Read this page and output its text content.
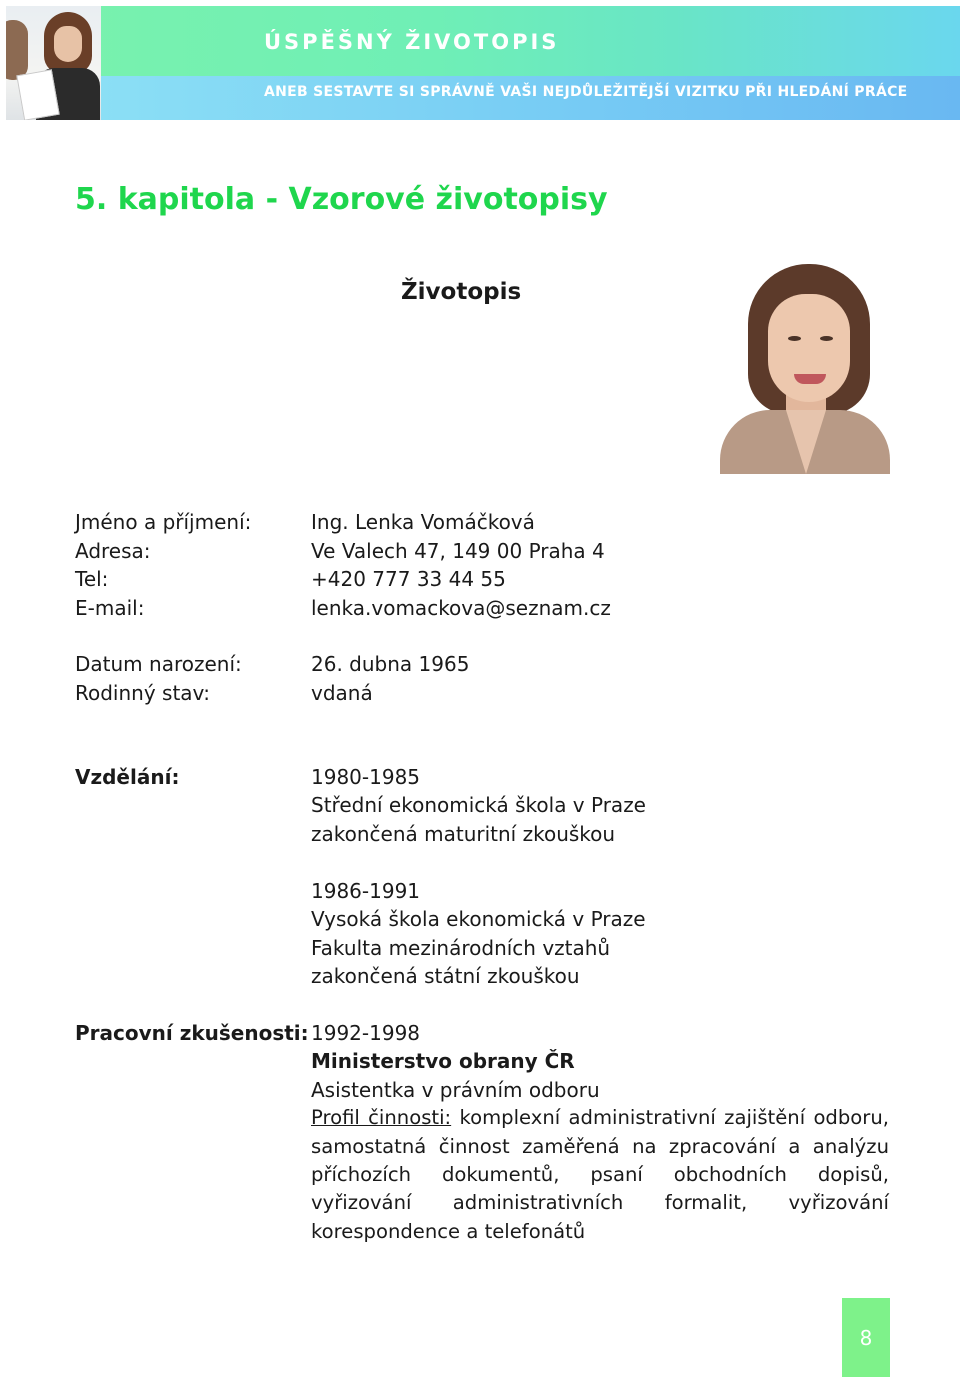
ÚSPĚŠNÝ ŽIVOTOPIS
ANEB SESTAVTE SI SPRÁVNĚ VAŠI NEJDŮLEŽITĚJŠÍ VIZITKU PŘI HLEDÁNÍ PRÁCE
5. kapitola - Vzorové životopisy
Životopis
Jméno a příjmení:	Ing. Lenka Vomáčková
Adresa:	Ve Valech 47, 149 00 Praha 4
Tel:	+420 777 33 44 55
E-mail:	lenka.vomackova@seznam.cz
Datum narození:	26. dubna 1965
Rodinný stav:	vdaná
Vzdělání:	1980-1985
Střední ekonomická škola v Praze
zakončená maturitní zkouškou
1986-1991
Vysoká škola ekonomická v Praze
Fakulta mezinárodních vztahů
zakončená státní zkouškou
Pracovní zkušenosti: 1992-1998
Ministerstvo obrany ČR
Asistentka v právním odboru
Profil činnosti: komplexní administrativní zajištění odboru, samostatná činnost zaměřená na zpracování a analýzu příchozích dokumentů, psaní obchodních dopisů, vyřizování administrativních formalit, vyřizování korespondence a telefonátů
8
